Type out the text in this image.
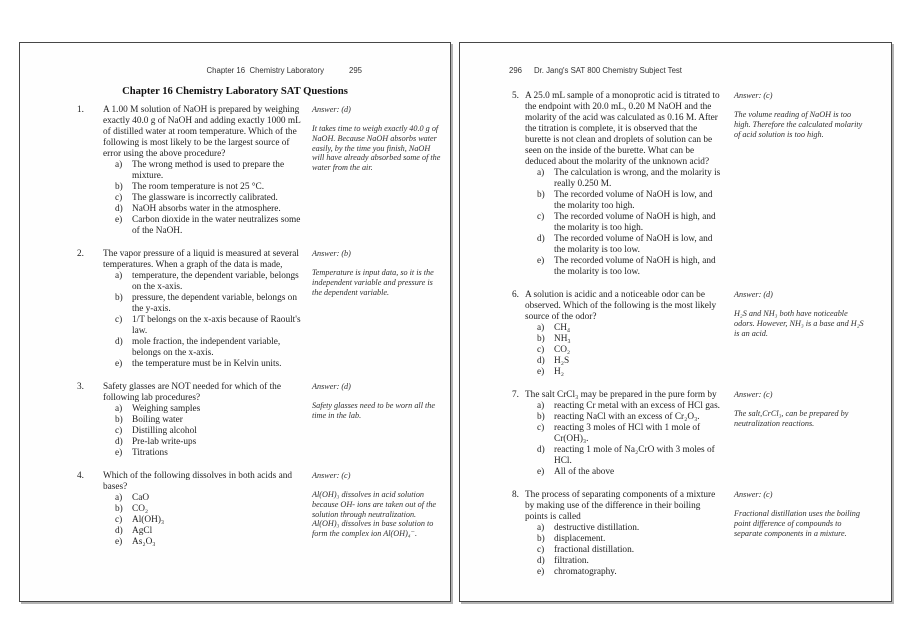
Chapter 16  Chemistry Laboratory	295
Chapter 16 Chemistry Laboratory SAT Questions
1.	A 1.00 M solution of NaOH is prepared by weighing exactly 40.0 g of NaOH and adding exactly 1000 mL of distilled water at room temperature. Which of the following is most likely to be the largest source of error using the above procedure?
a)	The wrong method is used to prepare the mixture.
b) The room temperature is not 25 °C.
c)	The glassware is incorrectly calibrated.
d) NaOH absorbs water in the atmosphere.
e)	Carbon dioxide in the water neutralizes some of the NaOH.
Answer: (d)
It takes time to weigh exactly 40.0 g of NaOH. Because NaOH absorbs water easily, by the time you finish, NaOH will have already absorbed some of the water from the air.
2.	The vapor pressure of a liquid is measured at several temperatures. When a graph of the data is made,
a)	temperature, the dependent variable, belongs on the x-axis.
b) pressure, the dependent variable, belongs on the y-axis.
c)	1/T belongs on the x-axis because of Raoult's law.
d) mole fraction, the independent variable, belongs on the x-axis.
e)	the temperature must be in Kelvin units.
Answer: (b)
Temperature is input data, so it is the independent variable and pressure is the dependent variable.
3.	Safety glasses are NOT needed for which of the following lab procedures?
a)	Weighing samples
b) Boiling water
c)	Distilling alcohol
d) Pre-lab write-ups
e)	Titrations
Answer: (d)
Safety glasses need to be worn all the time in the lab.
4.	Which of the following dissolves in both acids and bases?
a)	CaO
b) CO₂
c)	Al(OH)₃
d) AgCl
e)	As₂O₃
Answer: (c)
Al(OH)₃ dissolves in acid solution because OH- ions are taken out of the solution through neutralization. Al(OH)₃ dissolves in base solution to form the complex ion Al(OH)₄⁻.
296 Dr. Jang's SAT 800 Chemistry Subject Test
5. A 25.0 mL sample of a monoprotic acid is titrated to the endpoint with 20.0 mL, 0.20 M NaOH and the molarity of the acid was calculated as 0.16 M. After the titration is complete, it is observed that the burette is not clean and droplets of solution can be seen on the inside of the burette. What can be deduced about the molarity of the unknown acid?
a)	The calculation is wrong, and the molarity is really 0.250 M.
b) The recorded volume of NaOH is low, and the molarity too high.
c)	The recorded volume of NaOH is high, and the molarity is too high.
d) The recorded volume of NaOH is low, and the molarity is too low.
e)	The recorded volume of NaOH is high, and the molarity is too low.
Answer: (c)
The volume reading of NaOH is too high. Therefore the calculated molarity of acid solution is too high.
6. A solution is acidic and a noticeable odor can be observed. Which of the following is the most likely source of the odor?
a)	CH₄
b) NH₃
c)	CO₂
d) H₂S
e)	H₂
Answer: (d)
H₂S and NH₃ both have noticeable odors. However, NH₃ is a base and H₂S is an acid.
7. The salt CrCl₃ may be prepared in the pure form by
a)	reacting Cr metal with an excess of HCl gas.
b) reacting NaCl with an excess of Cr₂O₃.
c)	reacting 3 moles of HCl with 1 mole of Cr(OH)₃.
d) reacting 1 mole of Na₂CrO with 3 moles of HCl.
e)	All of the above
Answer: (c)
The salt,CrCl₃, can be prepared by neutralization reactions.
8. The process of separating components of a mixture by making use of the difference in their boiling points is called
a)	destructive distillation.
b) displacement.
c)	fractional distillation.
d) filtration.
e)	chromatography.
Answer: (c)
Fractional distillation uses the boiling point difference of compounds to separate components in a mixture.
